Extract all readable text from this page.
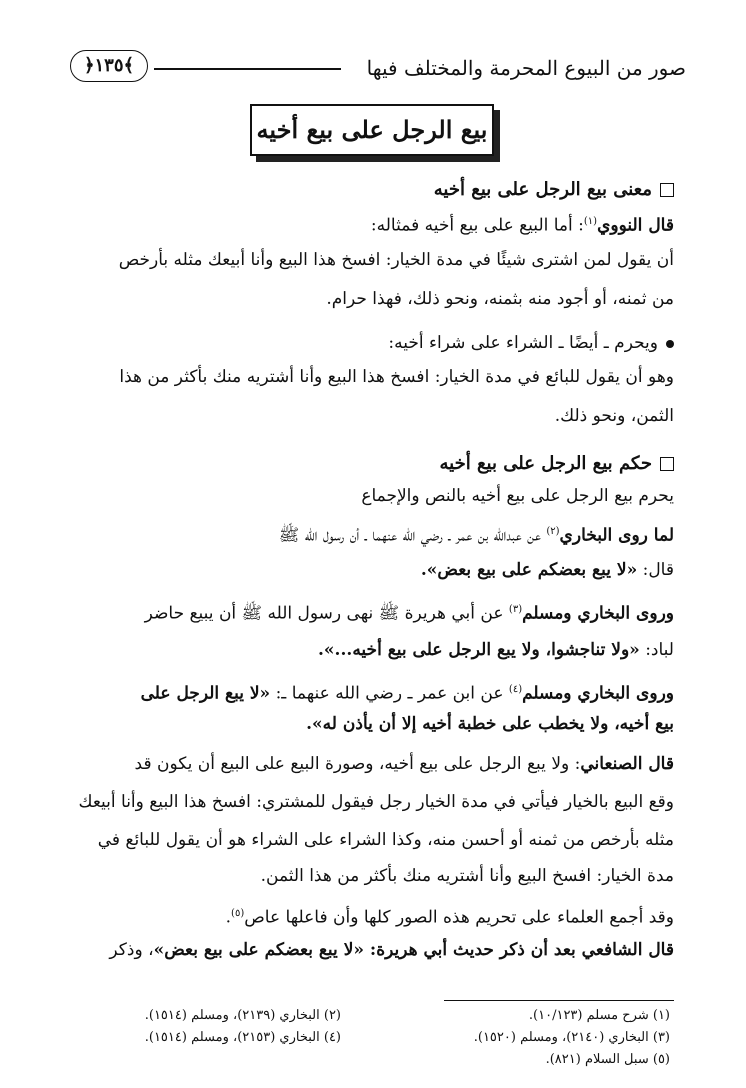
صور من البيوع المحرمة والمختلف فيها
﴿١٣٥﴾
بيع الرجل على بيع أخيه
معنى بيع الرجل على بيع أخيه
قال النووي$^{(١)}$: أما البيع على بيع أخيه فمثاله:
أن يقول لمن اشترى شيئًا في مدة الخيار: افسخ هذا البيع وأنا أبيعك مثله بأرخص
من ثمنه، أو أجود منه بثمنه، ونحو ذلك، فهذا حرام.
ويحرم ـ أيضًا ـ الشراء على شراء أخيه:
وهو أن يقول للبائع في مدة الخيار: افسخ هذا البيع وأنا أشتريه منك بأكثر من هذا
الثمن، ونحو ذلك.
حكم بيع الرجل على بيع أخيه
يحرم بيع الرجل على بيع أخيه بالنص والإجماع
لما روى البخاري$^{(٢)}$ عن عبدالله بن عمر ـ رضي الله عنهما ـ أن رسول الله ﷺ
قال: «لا يبع بعضكم على بيع بعض».
وروى البخاري ومسلم$^{(٣)}$ عن أبي هريرة ﷺ نهى رسول الله ﷺ أن يبيع حاضر
لباد: «ولا تناجشوا، ولا يبع الرجل على بيع أخيه...».
وروى البخاري ومسلم$^{(٤)}$ عن ابن عمر ـ رضي الله عنهما ـ: «لا يبع الرجل على
بيع أخيه، ولا يخطب على خطبة أخيه إلا أن يأذن له».
قال الصنعاني: ولا يبع الرجل على بيع أخيه، وصورة البيع على البيع أن يكون قد
وقع البيع بالخيار فيأتي في مدة الخيار رجل فيقول للمشتري: افسخ هذا البيع وأنا أبيعك
مثله بأرخص من ثمنه أو أحسن منه، وكذا الشراء على الشراء هو أن يقول للبائع في
مدة الخيار: افسخ البيع وأنا أشتريه منك بأكثر من هذا الثمن.
وقد أجمع العلماء على تحريم هذه الصور كلها وأن فاعلها عاص$^{(٥)}$.
قال الشافعي بعد أن ذكر حديث أبي هريرة: «لا يبع بعضكم على بيع بعض»، وذكر
(١) شرح مسلم (١٠/١٢٣).
(٢) البخاري (٢١٣٩)، ومسلم (١٥١٤).
(٣) البخاري (٢١٤٠)، ومسلم (١٥٢٠).
(٤) البخاري (٢١٥٣)، ومسلم (١٥١٤).
(٥) سبل السلام (٨٢١).
